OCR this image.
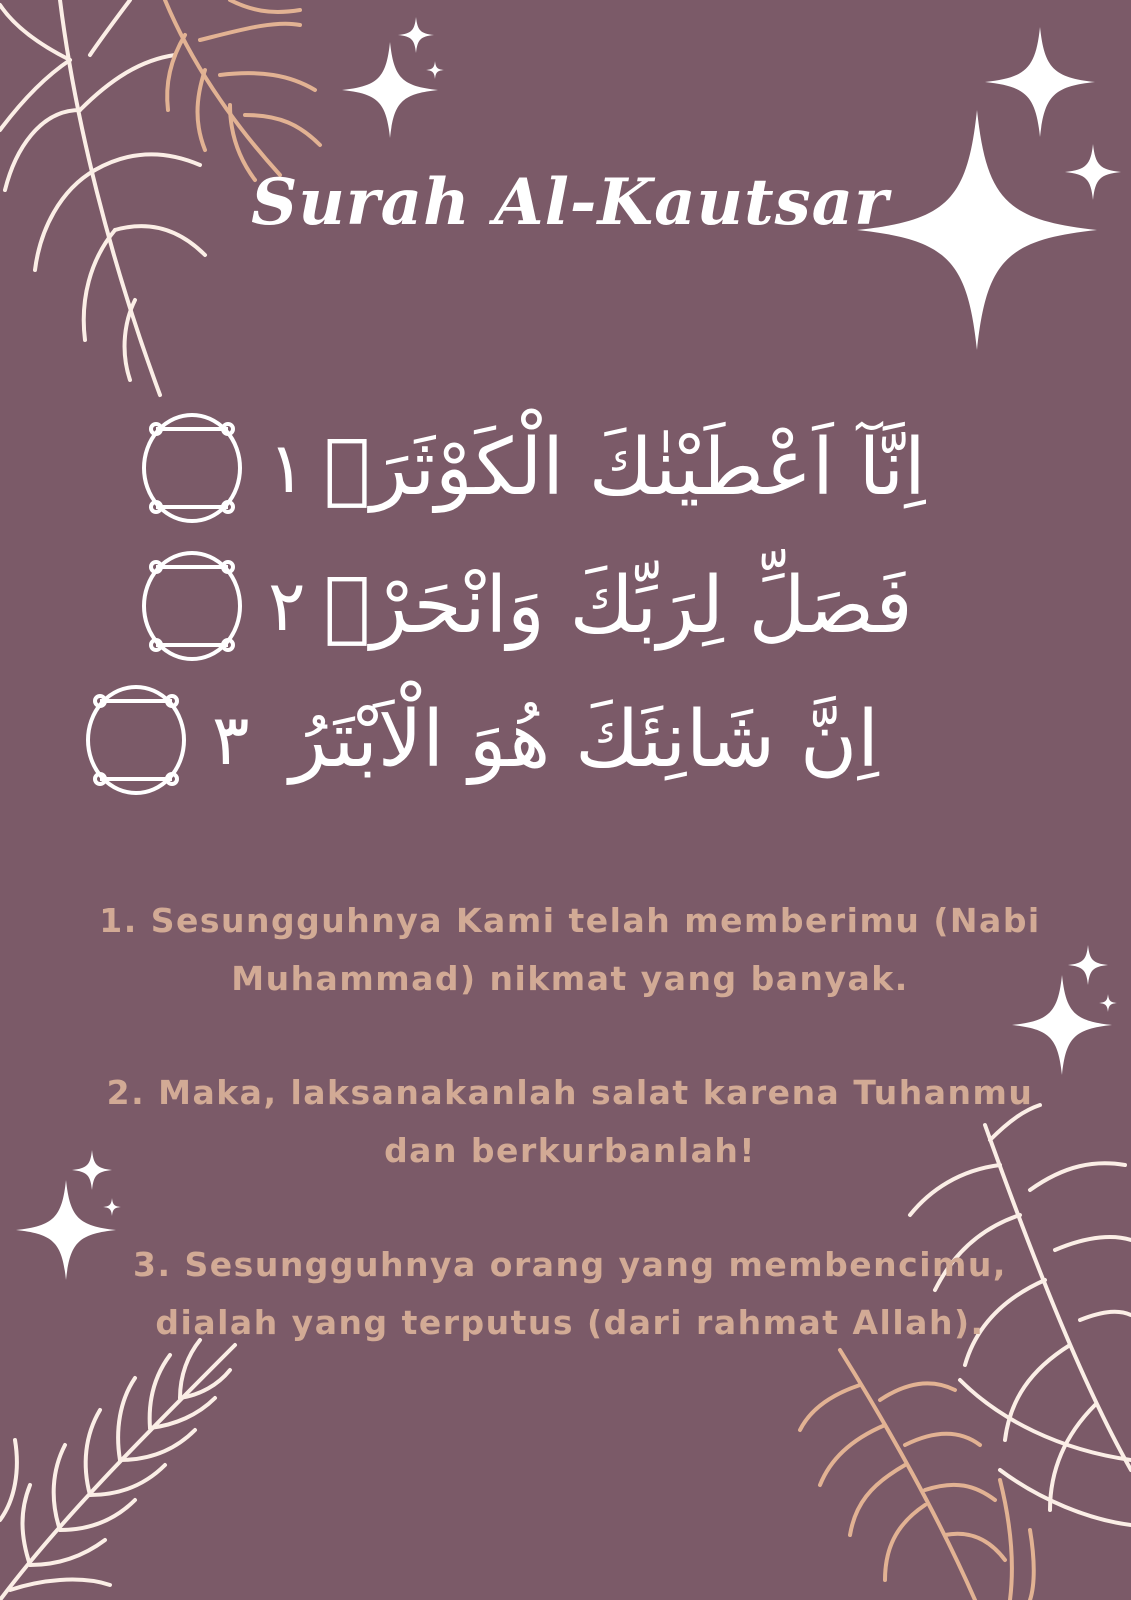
Surah Al-Kautsar
١ اِنَّآ اَعْطَيْنٰكَ الْكَوْثَرَۗ
٢ فَصَلِّ لِرَبِّكَ وَانْحَرْۗ
٣ اِنَّ شَانِئَكَ هُوَ الْاَبْتَرُ

1. Sesungguhnya Kami telah memberimu (Nabi Muhammad) nikmat yang banyak.

2. Maka, laksanakanlah salat karena Tuhanmu dan berkurbanlah!

3. Sesungguhnya orang yang membencimu, dialah yang terputus (dari rahmat Allah).
